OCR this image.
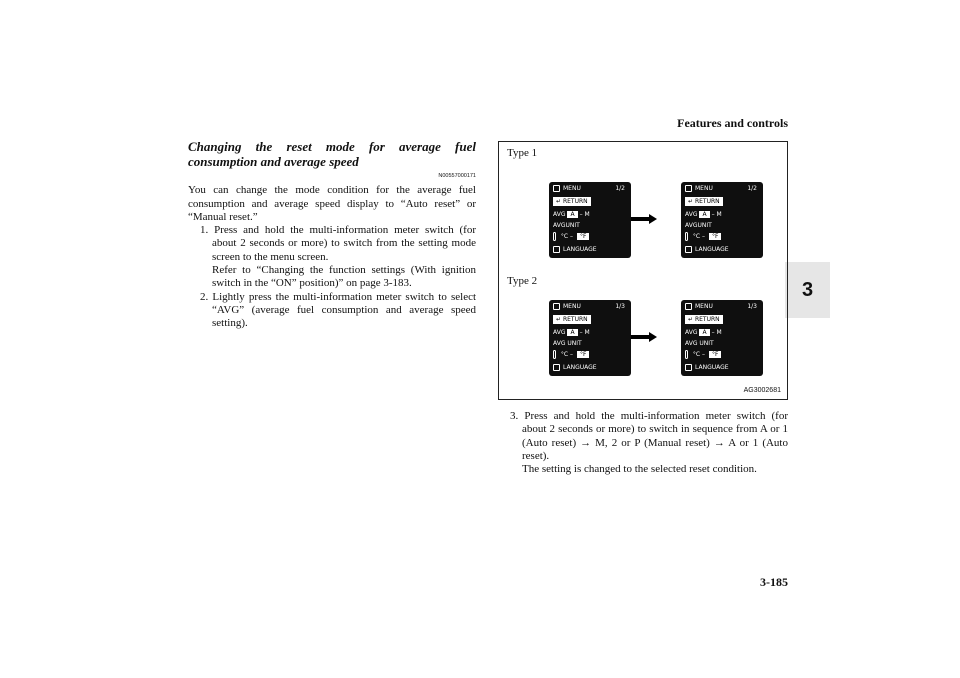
Features and controls
3

Changing the reset mode for average fuel consumption and average speed

N00557000171

You can change the mode condition for the average fuel consumption and average speed display to “Auto reset” or “Manual reset.”

1. Press and hold the multi-information meter switch (for about 2 seconds or more) to switch from the setting mode screen to the menu screen.
Refer to “Changing the function settings (With ignition switch in the “ON” position)” on page 3-183.

2. Lightly press the multi-information meter switch to select “AVG” (average fuel consumption and average speed setting).

Type 1
Type 2
MENU	1/2
↵ RETURN
AVG A – M
AVGUNIT
°C – °F
LANGUAGE
MENU	1/2
↵ RETURN
AVG A – M
AVGUNIT
°C – °F
LANGUAGE
MENU	1/3
↵ RETURN
AVG A – M
AVG UNIT
°C – °F
LANGUAGE
MENU	1/3
↵ RETURN
AVG A – M
AVG UNIT
°C – °F
LANGUAGE
AG3002681

3. Press and hold the multi-information meter switch (for about 2 seconds or more) to switch in sequence from A or 1 (Auto reset) → M, 2 or P (Manual reset) → A or 1 (Auto reset).
The setting is changed to the selected reset condition.

3-185
